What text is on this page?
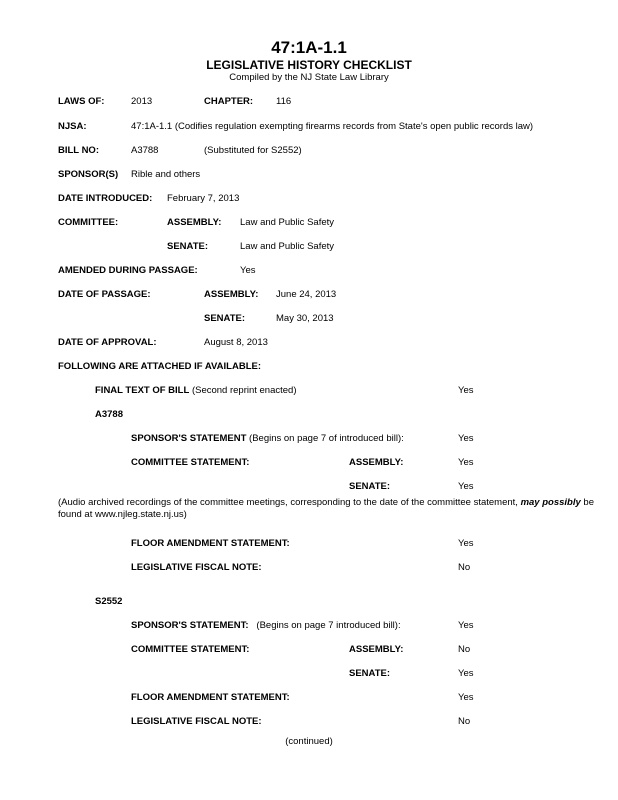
47:1A-1.1
LEGISLATIVE HISTORY CHECKLIST
Compiled by the NJ State Law Library
LAWS OF:	2013	CHAPTER: 116
NJSA:	47:1A-1.1 (Codifies regulation exempting firearms records from State's open public records law)
BILL NO:	A3788	(Substituted for S2552)
SPONSOR(S) Rible and others
DATE INTRODUCED: February 7, 2013
COMMITTEE:	ASSEMBLY: Law and Public Safety
SENATE:	Law and Public Safety
AMENDED DURING PASSAGE:	Yes
DATE OF PASSAGE:	ASSEMBLY: June 24, 2013
SENATE:	May 30, 2013
DATE OF APPROVAL:	August 8, 2013
FOLLOWING ARE ATTACHED IF AVAILABLE:
FINAL TEXT OF BILL (Second reprint enacted)	Yes
A3788
SPONSOR'S STATEMENT (Begins on page 7 of introduced bill):	Yes
COMMITTEE STATEMENT:	ASSEMBLY:	Yes
SENATE:	Yes
(Audio archived recordings of the committee meetings, corresponding to the date of the committee statement, may possibly be found at www.njleg.state.nj.us)
FLOOR AMENDMENT STATEMENT:	Yes
LEGISLATIVE FISCAL NOTE:	No
S2552
SPONSOR'S STATEMENT: (Begins on page 7 introduced bill):	Yes
COMMITTEE STATEMENT:	ASSEMBLY:	No
SENATE:	Yes
FLOOR AMENDMENT STATEMENT:	Yes
LEGISLATIVE FISCAL NOTE:	No
(continued)
